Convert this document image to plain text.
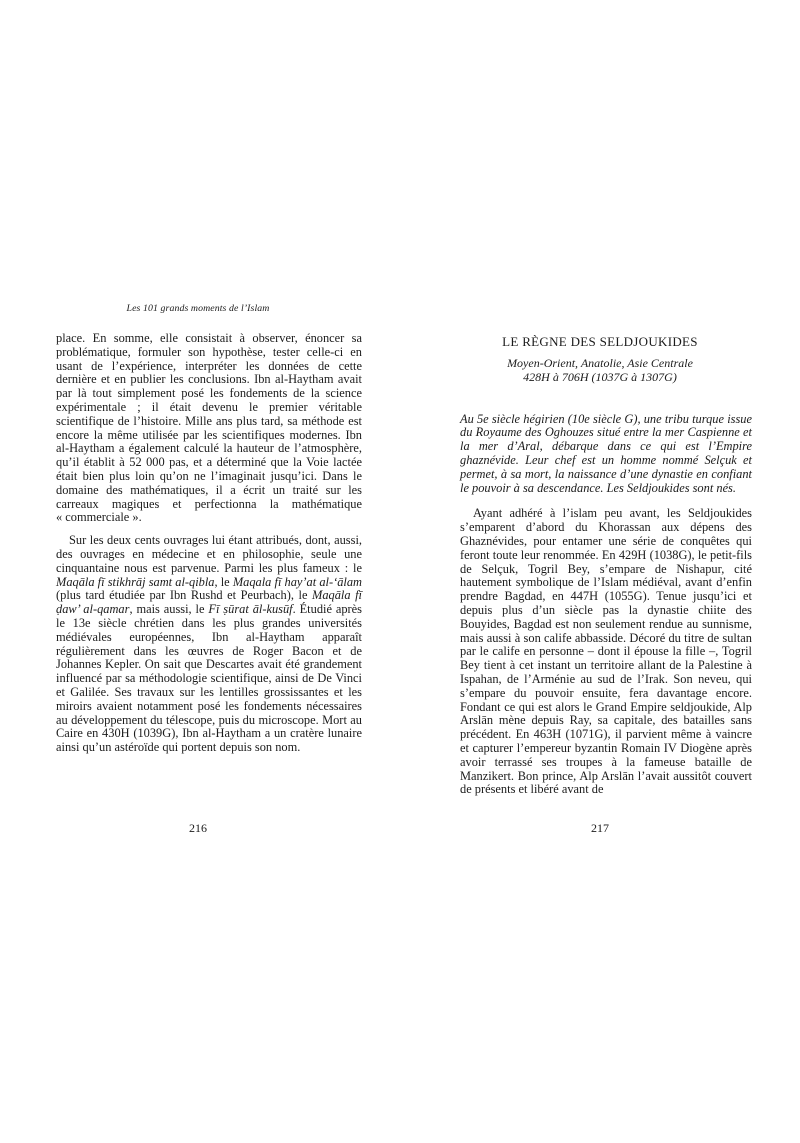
Les 101 grands moments de l’Islam

place. En somme, elle consistait à observer, énoncer sa problématique, formuler son hypothèse, tester celle-ci en usant de l’expérience, interpréter les données de cette dernière et en publier les conclusions. Ibn al-Haytham avait par là tout simplement posé les fondements de la science expérimentale ; il était devenu le premier véritable scientifique de l’histoire. Mille ans plus tard, sa méthode est encore la même utilisée par les scientifiques modernes. Ibn al-Haytham a également calculé la hauteur de l’atmosphère, qu’il établit à 52 000 pas, et a déterminé que la Voie lactée était bien plus loin qu’on ne l’imaginait jusqu’ici. Dans le domaine des mathématiques, il a écrit un traité sur les carreaux magiques et perfectionna la mathématique « commerciale ».

Sur les deux cents ouvrages lui étant attribués, dont, aussi, des ouvrages en médecine et en philosophie, seule une cinquantaine nous est parvenue. Parmi les plus fameux : le Maqāla fī stikhrāj samt al-qibla, le Maqala fī hay’at al-‘ālam (plus tard étudiée par Ibn Rushd et Peurbach), le Maqāla fī ḍaw’ al-qamar, mais aussi, le Fī ṣūrat āl-kusūf. Étudié après le 13e siècle chrétien dans les plus grandes universités médiévales européennes, Ibn al-Haytham apparaît régulièrement dans les œuvres de Roger Bacon et de Johannes Kepler. On sait que Descartes avait été grandement influencé par sa méthodologie scientifique, ainsi de De Vinci et Galilée. Ses travaux sur les lentilles grossissantes et les miroirs avaient notamment posé les fondements nécessaires au développement du télescope, puis du microscope. Mort au Caire en 430H (1039G), Ibn al-Haytham a un cratère lunaire ainsi qu’un astéroïde qui portent depuis son nom.

216
LE RÈGNE DES SELDJOUKIDES
Moyen-Orient, Anatolie, Asie Centrale
428H à 706H (1037G à 1307G)

Au 5e siècle hégirien (10e siècle G), une tribu turque issue du Royaume des Oghouzes situé entre la mer Caspienne et la mer d’Aral, débarque dans ce qui est l’Empire ghaznévide. Leur chef est un homme nommé Selçuk et permet, à sa mort, la naissance d’une dynastie en confiant le pouvoir à sa descendance. Les Seldjoukides sont nés.

Ayant adhéré à l’islam peu avant, les Seldjoukides s’emparent d’abord du Khorassan aux dépens des Ghaznévides, pour entamer une série de conquêtes qui feront toute leur renommée. En 429H (1038G), le petit-fils de Selçuk, Togril Bey, s’empare de Nishapur, cité hautement symbolique de l’Islam médiéval, avant d’enfin prendre Bagdad, en 447H (1055G). Tenue jusqu’ici et depuis plus d’un siècle pas la dynastie chiite des Bouyides, Bagdad est non seulement rendue au sunnisme, mais aussi à son calife abbasside. Décoré du titre de sultan par le calife en personne – dont il épouse la fille –, Togril Bey tient à cet instant un territoire allant de la Palestine à Ispahan, de l’Arménie au sud de l’Irak. Son neveu, qui s’empare du pouvoir ensuite, fera davantage encore. Fondant ce qui est alors le Grand Empire seldjoukide, Alp Arslān mène depuis Ray, sa capitale, des batailles sans précédent. En 463H (1071G), il parvient même à vaincre et capturer l’empereur byzantin Romain IV Diogène après avoir terrassé ses troupes à la fameuse bataille de Manzikert. Bon prince, Alp Arslān l’avait aussitôt couvert de présents et libéré avant de

217
